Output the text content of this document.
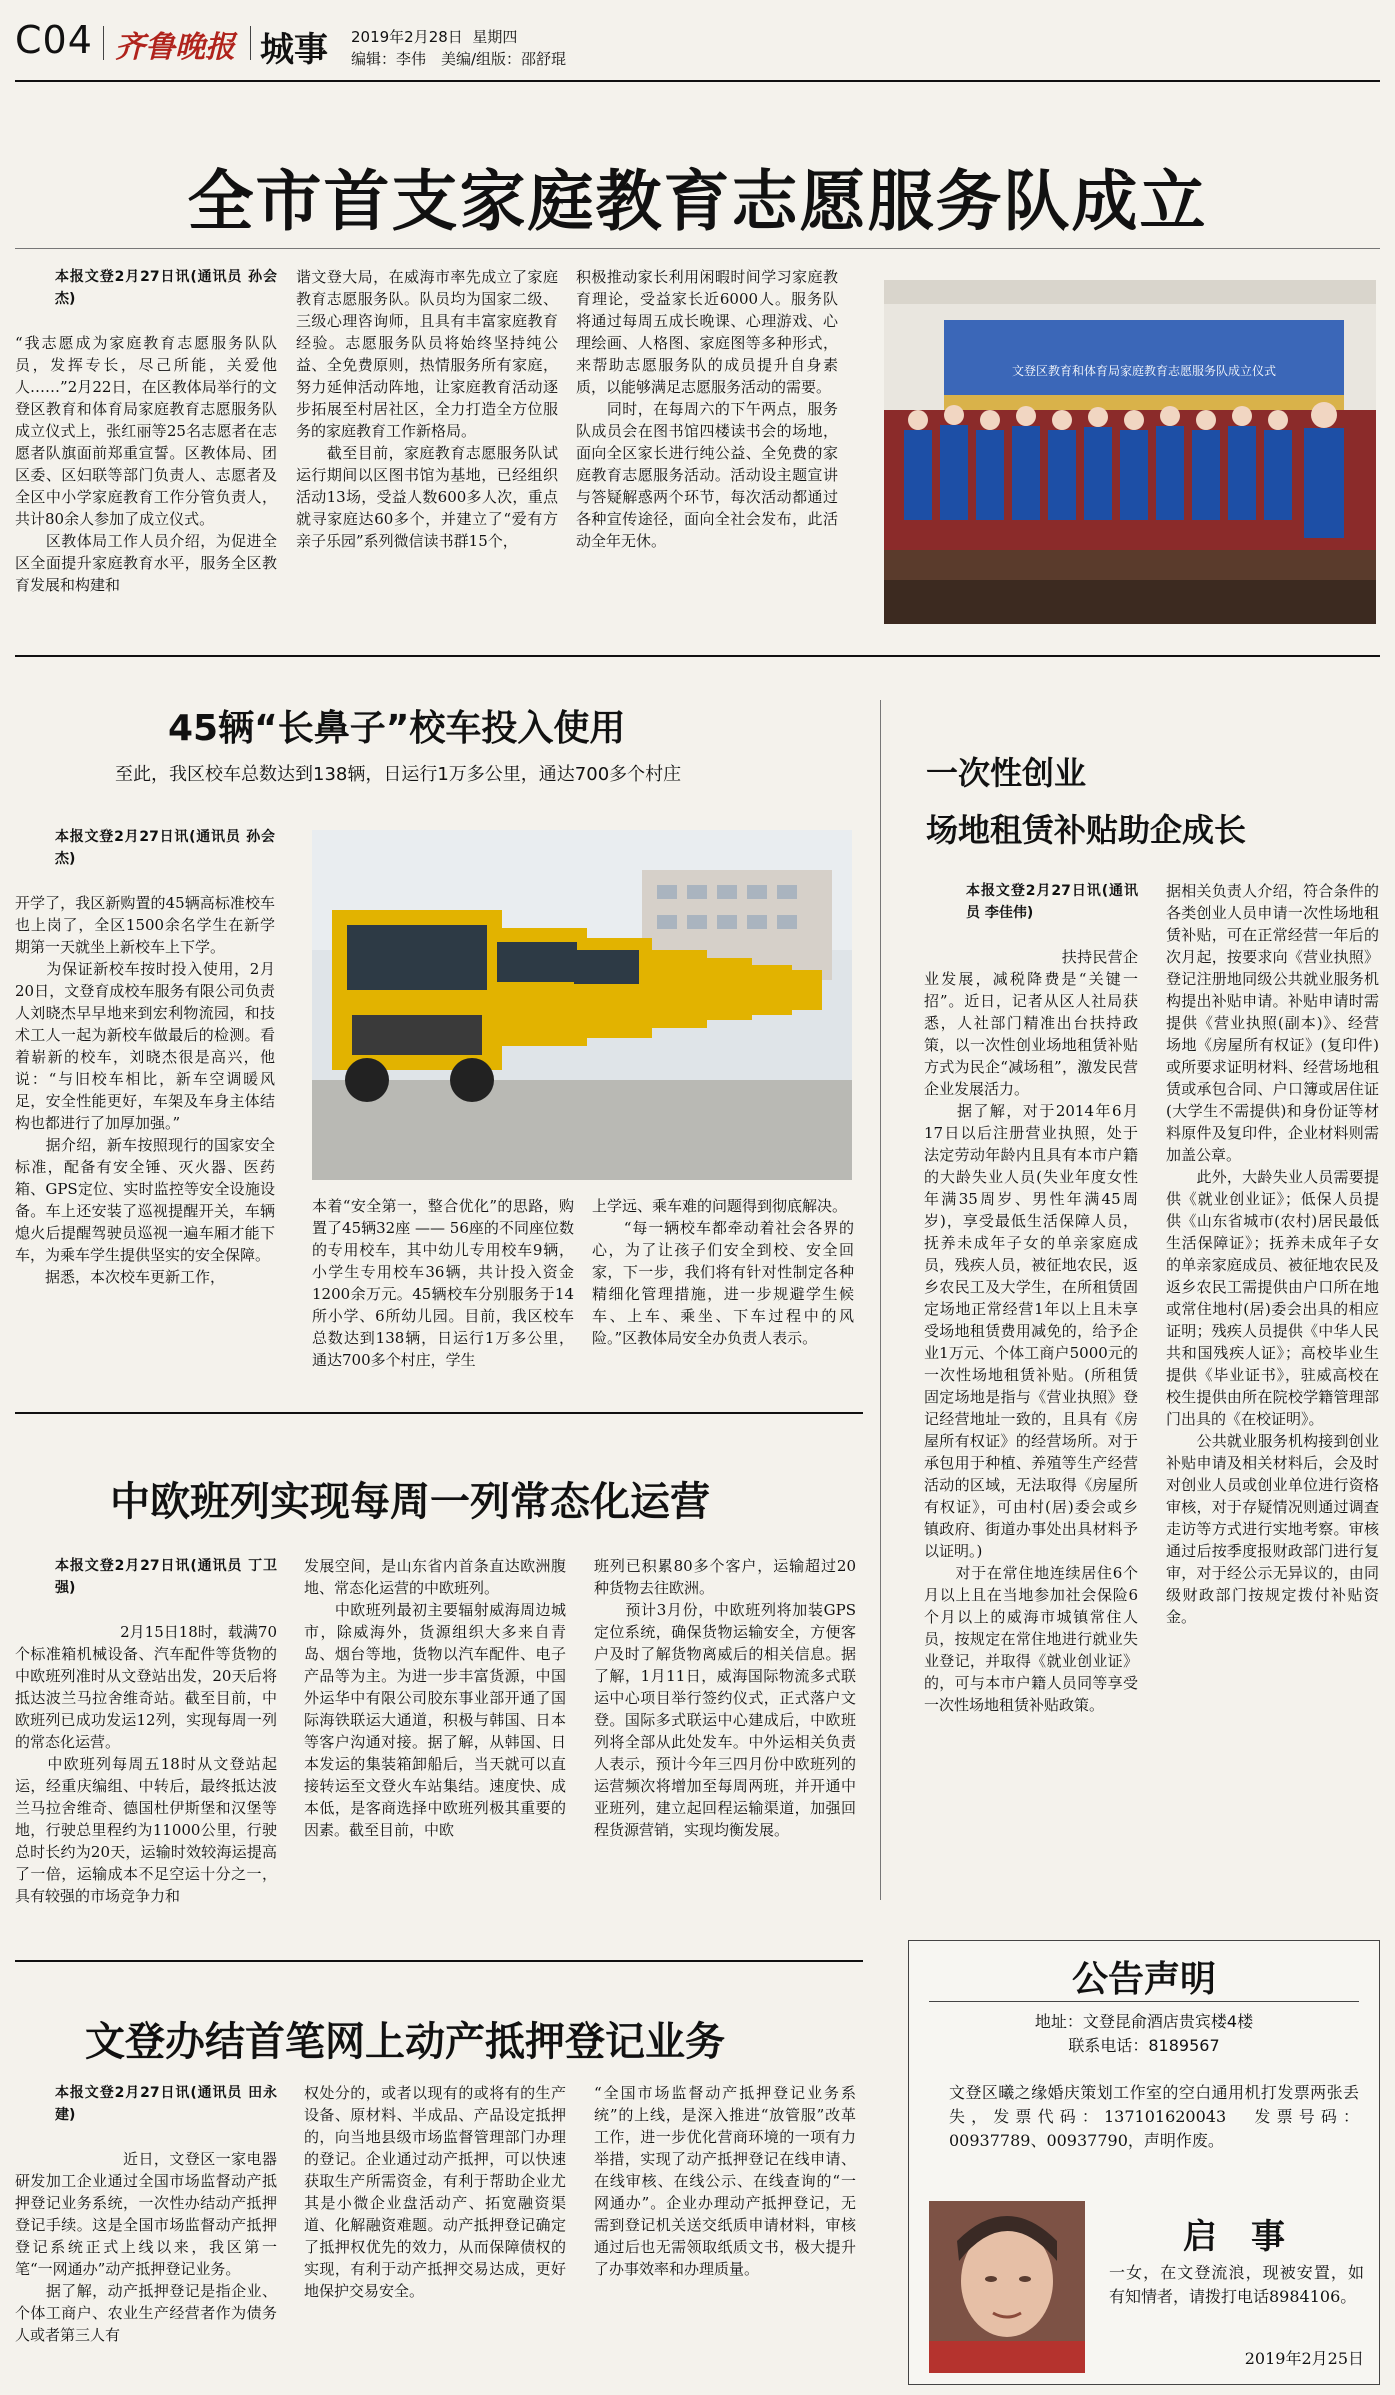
C04 齐鲁晚报 城事 2019年2月28日 星期四
编辑：李伟　美编/组版：邵舒琨
全市首支家庭教育志愿服务队成立

本报文登2月27日讯(通讯员 孙会杰)

“我志愿成为家庭教育志愿服务队队员，发挥专长，尽己所能，关爱他人……”2月22日，在区教体局举行的文登区教育和体育局家庭教育志愿服务队成立仪式上，张红丽等25名志愿者在志愿者队旗面前郑重宣誓。区教体局、团区委、区妇联等部门负责人、志愿者及全区中小学家庭教育工作分管负责人，共计80余人参加了成立仪式。
　　区教体局工作人员介绍，为促进全区全面提升家庭教育水平，服务全区教育发展和构建和

谐文登大局，在威海市率先成立了家庭教育志愿服务队。队员均为国家二级、三级心理咨询师，且具有丰富家庭教育经验。志愿服务队员将始终坚持纯公益、全免费原则，热情服务所有家庭，努力延伸活动阵地，让家庭教育活动逐步拓展至村居社区，全力打造全方位服务的家庭教育工作新格局。
　　截至目前，家庭教育志愿服务队试运行期间以区图书馆为基地，已经组织活动13场，受益人数600多人次，重点就寻家庭达60多个，并建立了“爱有方亲子乐园”系列微信读书群15个，
积极推动家长利用闲暇时间学习家庭教育理论，受益家长近6000人。服务队将通过每周五成长晚课、心理游戏、心理绘画、人格图、家庭图等多种形式，来帮助志愿服务队的成员提升自身素质，以能够满足志愿服务活动的需要。
　　同时，在每周六的下午两点，服务队成员会在图书馆四楼读书会的场地，面向全区家长进行纯公益、全免费的家庭教育志愿服务活动。活动设主题宣讲与答疑解惑两个环节，每次活动都通过各种宣传途径，面向全社会发布，此活动全年无休。
文登区教育和体育局家庭教育志愿服务队成立仪式
45辆“长鼻子”校车投入使用
至此，我区校车总数达到138辆，日运行1万多公里，通达700多个村庄

本报文登2月27日讯(通讯员 孙会杰)

开学了，我区新购置的45辆高标准校车也上岗了，全区1500余名学生在新学期第一天就坐上新校车上下学。
　　为保证新校车按时投入使用，2月20日，文登育成校车服务有限公司负责人刘晓杰早早地来到宏利物流园，和技术工人一起为新校车做最后的检测。看着崭新的校车，刘晓杰很是高兴，他说：“与旧校车相比，新车空调暖风足，安全性能更好，车架及车身主体结构也都进行了加厚加强。”
　　据介绍，新车按照现行的国家安全标准，配备有安全锤、灭火器、医药箱、GPS定位、实时监控等安全设施设备。车上还安装了巡视提醒开关，车辆熄火后提醒驾驶员巡视一遍车厢才能下车，为乘车学生提供坚实的安全保障。
　　据悉，本次校车更新工作，

本着“安全第一，整合优化”的思路，购置了45辆32座 —— 56座的不同座位数的专用校车，其中幼儿专用校车9辆，小学生专用校车36辆，共计投入资金1200余万元。45辆校车分别服务于14所小学、6所幼儿园。目前，我区校车总数达到138辆，日运行1万多公里，通达700多个村庄，学生
上学远、乘车难的问题得到彻底解决。
　　“每一辆校车都牵动着社会各界的心，为了让孩子们安全到校、安全回家，下一步，我们将有针对性制定各种精细化管理措施，进一步规避学生候车、上车、乘坐、下车过程中的风险。”区教体局安全办负责人表示。
一次性创业
场地租赁补贴助企成长

本报文登2月27日讯(通讯员 李佳伟)

　　　　　　　　　扶持民营企业发展，减税降费是“关键一招”。近日，记者从区人社局获悉，人社部门精准出台扶持政策，以一次性创业场地租赁补贴方式为民企“减场租”，激发民营企业发展活力。
　　据了解，对于2014年6月17日以后注册营业执照，处于法定劳动年龄内且具有本市户籍的大龄失业人员(失业年度女性年满35周岁、男性年满45周岁)，享受最低生活保障人员，抚养未成年子女的单亲家庭成员，残疾人员，被征地农民，返乡农民工及大学生，在所租赁固定场地正常经营1年以上且未享受场地租赁费用减免的，给予企业1万元、个体工商户5000元的一次性场地租赁补贴。(所租赁固定场地是指与《营业执照》登记经营地址一致的，且具有《房屋所有权证》的经营场所。对于承包用于种植、养殖等生产经营活动的区域，无法取得《房屋所有权证》，可由村(居)委会或乡镇政府、街道办事处出具材料予以证明。)
　　对于在常住地连续居住6个月以上且在当地参加社会保险6个月以上的威海市城镇常住人员，按规定在常住地进行就业失业登记，并取得《就业创业证》的，可与本市户籍人员同等享受一次性场地租赁补贴政策。

据相关负责人介绍，符合条件的各类创业人员申请一次性场地租赁补贴，可在正常经营一年后的次月起，按要求向《营业执照》登记注册地同级公共就业服务机构提出补贴申请。补贴申请时需提供《营业执照(副本)》、经营场地《房屋所有权证》(复印件)或所要求证明材料、经营场地租赁或承包合同、户口簿或居住证(大学生不需提供)和身份证等材料原件及复印件，企业材料则需加盖公章。
　　此外，大龄失业人员需要提供《就业创业证》；低保人员提供《山东省城市(农村)居民最低生活保障证》；抚养未成年子女的单亲家庭成员、被征地农民及返乡农民工需提供由户口所在地或常住地村(居)委会出具的相应证明；残疾人员提供《中华人民共和国残疾人证》；高校毕业生提供《毕业证书》，驻威高校在校生提供由所在院校学籍管理部门出具的《在校证明》。
　　公共就业服务机构接到创业补贴申请及相关材料后，会及时对创业人员或创业单位进行资格审核，对于存疑情况则通过调查走访等方式进行实地考察。审核通过后按季度报财政部门进行复审，对于经公示无异议的，由同级财政部门按规定拨付补贴资金。
中欧班列实现每周一列常态化运营

本报文登2月27日讯(通讯员 丁卫强)

　　　　　　　2月15日18时，载满70个标准箱机械设备、汽车配件等货物的中欧班列准时从文登站出发，20天后将抵达波兰马拉舍维奇站。截至目前，中欧班列已成功发运12列，实现每周一列的常态化运营。
　　中欧班列每周五18时从文登站起运，经重庆编组、中转后，最终抵达波兰马拉舍维奇、德国杜伊斯堡和汉堡等地，行驶总里程约为11000公里，行驶总时长约为20天，运输时效较海运提高了一倍，运输成本不足空运十分之一，具有较强的市场竞争力和

发展空间，是山东省内首条直达欧洲腹地、常态化运营的中欧班列。
　　中欧班列最初主要辐射威海周边城市，除威海外，货源组织大多来自青岛、烟台等地，货物以汽车配件、电子产品等为主。为进一步丰富货源，中国外运华中有限公司胶东事业部开通了国际海铁联运大通道，积极与韩国、日本等客户沟通对接。据了解，从韩国、日本发运的集装箱卸船后，当天就可以直接转运至文登火车站集结。速度快、成本低，是客商选择中欧班列极其重要的因素。截至目前，中欧
班列已积累80多个客户，运输超过20种货物去往欧洲。
　　预计3月份，中欧班列将加装GPS定位系统，确保货物运输安全，方便客户及时了解货物离威后的相关信息。据了解，1月11日，威海国际物流多式联运中心项目举行签约仪式，正式落户文登。国际多式联运中心建成后，中欧班列将全部从此处发车。中外运相关负责人表示，预计今年三四月份中欧班列的运营频次将增加至每周两班，并开通中亚班列，建立起回程运输渠道，加强回程货源营销，实现均衡发展。
文登办结首笔网上动产抵押登记业务

本报文登2月27日讯(通讯员 田永建)

　　　　　　　近日，文登区一家电器研发加工企业通过全国市场监督动产抵押登记业务系统，一次性办结动产抵押登记手续。这是全国市场监督动产抵押登记系统正式上线以来，我区第一笔“一网通办”动产抵押登记业务。
　　据了解，动产抵押登记是指企业、个体工商户、农业生产经营者作为债务人或者第三人有

权处分的，或者以现有的或将有的生产设备、原材料、半成品、产品设定抵押的，向当地县级市场监督管理部门办理的登记。企业通过动产抵押，可以快速获取生产所需资金，有利于帮助企业尤其是小微企业盘活动产、拓宽融资渠道、化解融资难题。动产抵押登记确定了抵押权优先的效力，从而保障债权的实现，有利于动产抵押交易达成，更好地保护交易安全。
“全国市场监督动产抵押登记业务系统”的上线，是深入推进“放管服”改革工作，进一步优化营商环境的一项有力举措，实现了动产抵押登记在线申请、在线审核、在线公示、在线查询的“一网通办”。企业办理动产抵押登记，无需到登记机关送交纸质申请材料，审核通过后也无需领取纸质文书，极大提升了办事效率和办理质量。
公告声明
地址：文登昆俞酒店贵宾楼4楼
联系电话：8189567
文登区曦之缘婚庆策划工作室的空白通用机打发票两张丢失，发票代码：137101620043　发票号码：00937789、00937790，声明作废。
启　事
一女，在文登流浪，现被安置，如有知情者，请拨打电话8984106。
2019年2月25日
